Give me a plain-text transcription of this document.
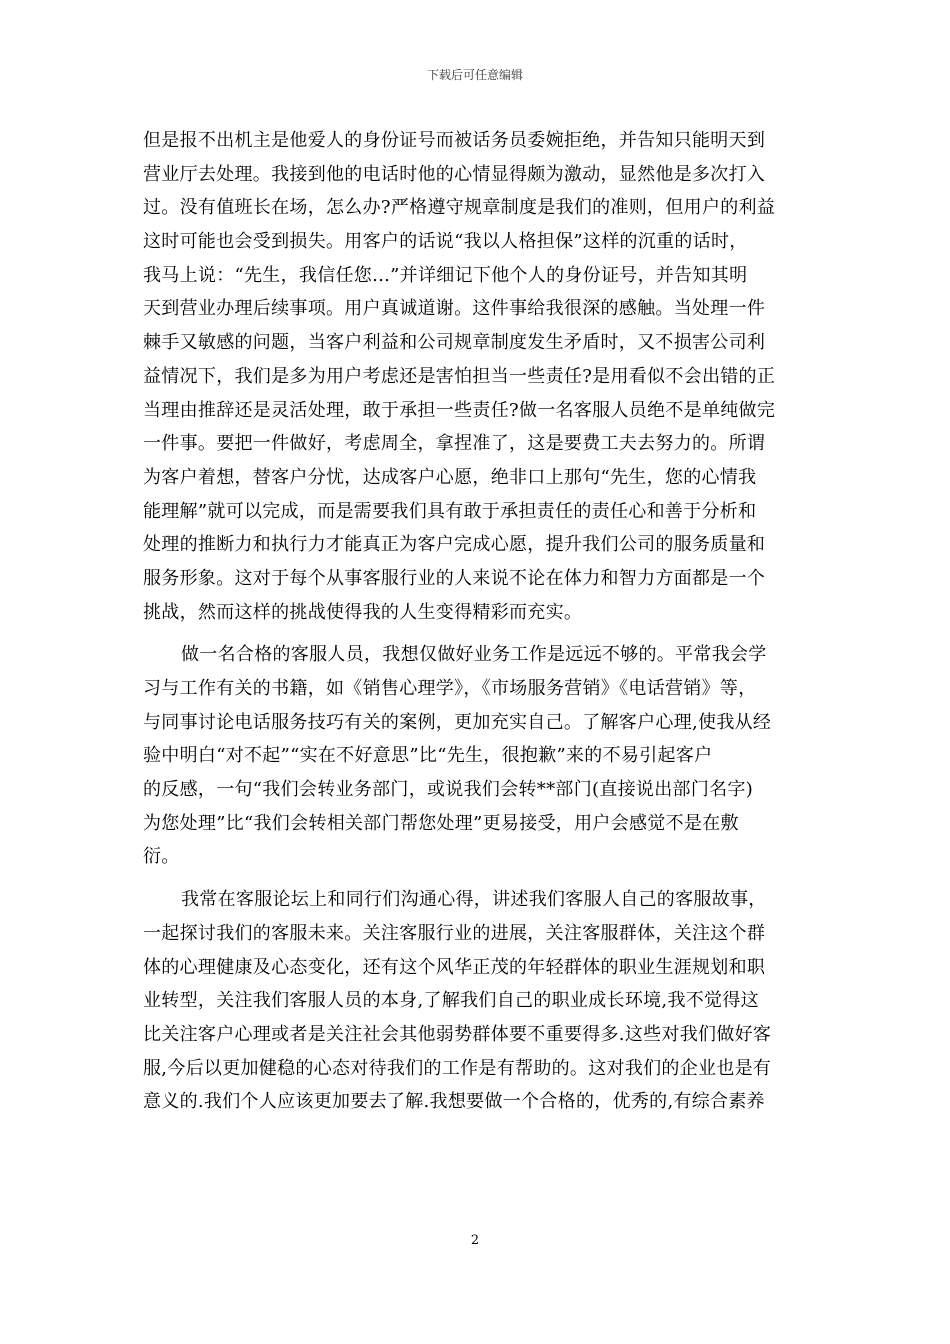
下载后可任意编辑
但是报不出机主是他爱人的身份证号而被话务员委婉拒绝，并告知只能明天到
营业厅去处理。我接到他的电话时他的心情显得颇为激动，显然他是多次打入
过。没有值班长在场，怎么办?严格遵守规章制度是我们的准则，但用户的利益
这时可能也会受到损失。用客户的话说“我以人格担保”这样的沉重的话时，
我马上说：“先生，我信任您...”并详细记下他个人的身份证号，并告知其明
天到营业办理后续事项。用户真诚道谢。这件事给我很深的感触。当处理一件
棘手又敏感的问题，当客户利益和公司规章制度发生矛盾时，又不损害公司利
益情况下，我们是多为用户考虑还是害怕担当一些责任?是用看似不会出错的正
当理由推辞还是灵活处理，敢于承担一些责任?做一名客服人员绝不是单纯做完
一件事。要把一件做好，考虑周全，拿捏准了，这是要费工夫去努力的。所谓
为客户着想，替客户分忧，达成客户心愿，绝非口上那句“先生，您的心情我
能理解”就可以完成，而是需要我们具有敢于承担责任的责任心和善于分析和
处理的推断力和执行力才能真正为客户完成心愿，提升我们公司的服务质量和
服务形象。这对于每个从事客服行业的人来说不论在体力和智力方面都是一个
挑战，然而这样的挑战使得我的人生变得精彩而充实。
做一名合格的客服人员，我想仅做好业务工作是远远不够的。平常我会学
习与工作有关的书籍，如《销售心理学》，《市场服务营销》《电话营销》等，
与同事讨论电话服务技巧有关的案例，更加充实自己。了解客户心理,使我从经
验中明白“对不起”“实在不好意思”比“先生，很抱歉”来的不易引起客户
的反感，一句“我们会转业务部门，或说我们会转**部门(直接说出部门名字)
为您处理”比“我们会转相关部门帮您处理”更易接受，用户会感觉不是在敷
衍。
我常在客服论坛上和同行们沟通心得，讲述我们客服人自己的客服故事，
一起探讨我们的客服未来。关注客服行业的进展，关注客服群体，关注这个群
体的心理健康及心态变化，还有这个风华正茂的年轻群体的职业生涯规划和职
业转型，关注我们客服人员的本身,了解我们自己的职业成长环境,我不觉得这
比关注客户心理或者是关注社会其他弱势群体要不重要得多.这些对我们做好客
服,今后以更加健稳的心态对待我们的工作是有帮助的。这对我们的企业也是有
意义的.我们个人应该更加要去了解.我想要做一个合格的，优秀的,有综合素养
2
